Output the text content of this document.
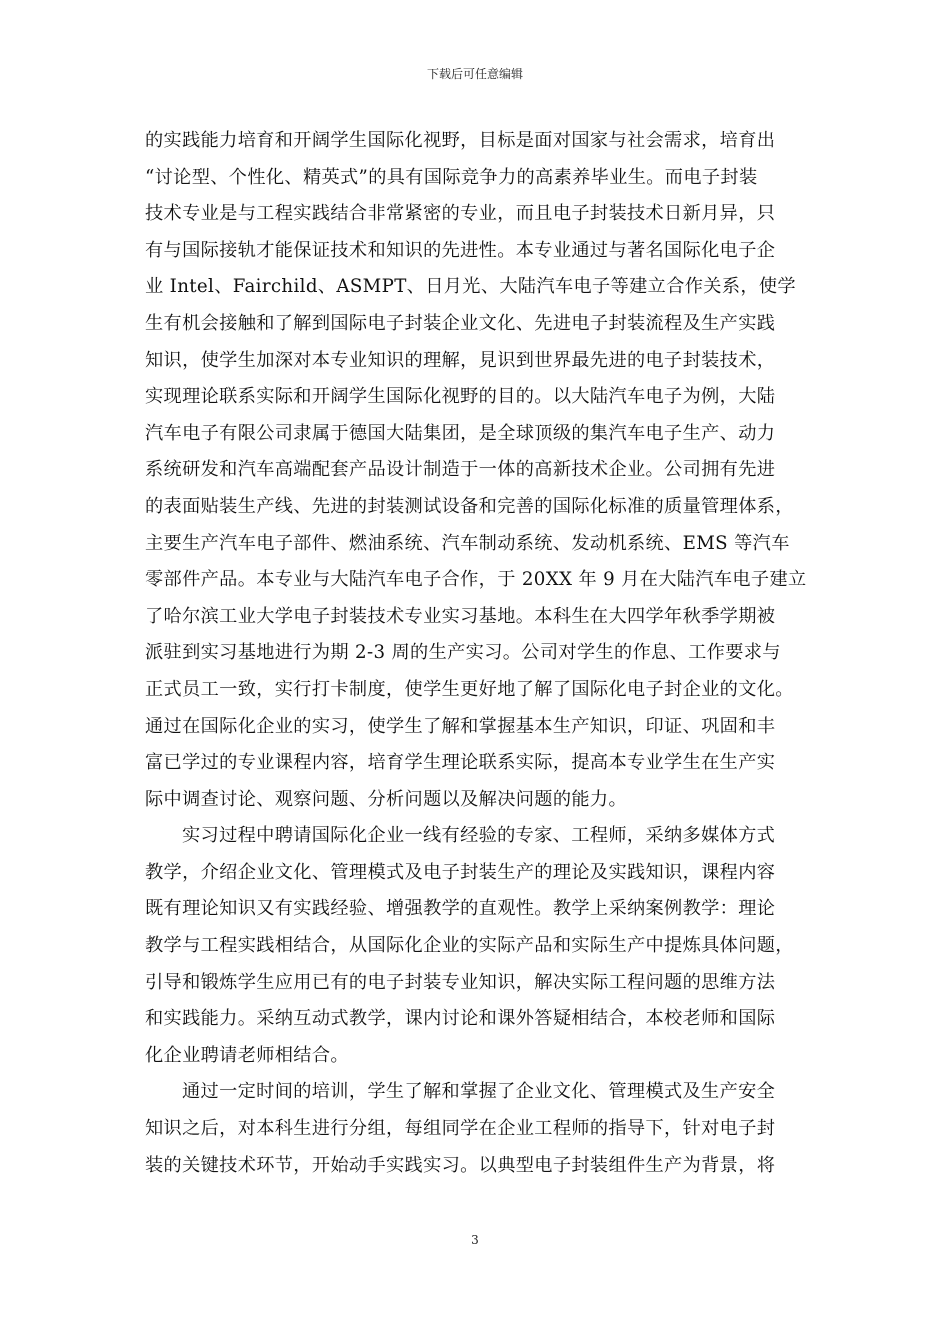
下载后可任意编辑
的实践能力培育和开阔学生国际化视野，目标是面对国家与社会需求，培育出
“讨论型、个性化、精英式”的具有国际竞争力的高素养毕业生。而电子封装
技术专业是与工程实践结合非常紧密的专业，而且电子封装技术日新月异，只
有与国际接轨才能保证技术和知识的先进性。本专业通过与著名国际化电子企
业 Intel、Fairchild、ASMPT、日月光、大陆汽车电子等建立合作关系，使学
生有机会接触和了解到国际电子封装企业文化、先进电子封装流程及生产实践
知识，使学生加深对本专业知识的理解，見识到世界最先进的电子封装技术，
实现理论联系实际和开阔学生国际化视野的目的。以大陆汽车电子为例，大陆
汽车电子有限公司隶属于德国大陆集团，是全球顶级的集汽车电子生产、动力
系统研发和汽车高端配套产品设计制造于一体的高新技术企业。公司拥有先进
的表面贴装生产线、先进的封装测试设备和完善的国际化标准的质量管理体系，
主要生产汽车电子部件、燃油系统、汽车制动系统、发动机系统、EMS 等汽车
零部件产品。本专业与大陆汽车电子合作，于 20XX 年 9 月在大陆汽车电子建立
了哈尔滨工业大学电子封装技术专业实习基地。本科生在大四学年秋季学期被
派驻到实习基地进行为期 2-3 周的生产实习。公司对学生的作息、工作要求与
正式员工一致，实行打卡制度，使学生更好地了解了国际化电子封企业的文化。
通过在国际化企业的实习，使学生了解和掌握基本生产知识，印证、巩固和丰
富已学过的专业课程内容，培育学生理论联系实际，提高本专业学生在生产实
际中调查讨论、观察问题、分析问题以及解决问题的能力。
实习过程中聘请国际化企业一线有经验的专家、工程师，采纳多媒体方式
教学，介绍企业文化、管理模式及电子封装生产的理论及实践知识，课程内容
既有理论知识又有实践经验、增强教学的直观性。教学上采纳案例教学：理论
教学与工程实践相结合，从国际化企业的实际产品和实际生产中提炼具体问题，
引导和锻炼学生应用已有的电子封装专业知识，解决实际工程问题的思维方法
和实践能力。采纳互动式教学，课内讨论和课外答疑相结合，本校老师和国际
化企业聘请老师相结合。
通过一定时间的培训，学生了解和掌握了企业文化、管理模式及生产安全
知识之后，对本科生进行分组，每组同学在企业工程师的指导下，针对电子封
装的关键技术环节，开始动手实践实习。以典型电子封装组件生产为背景，将
3
